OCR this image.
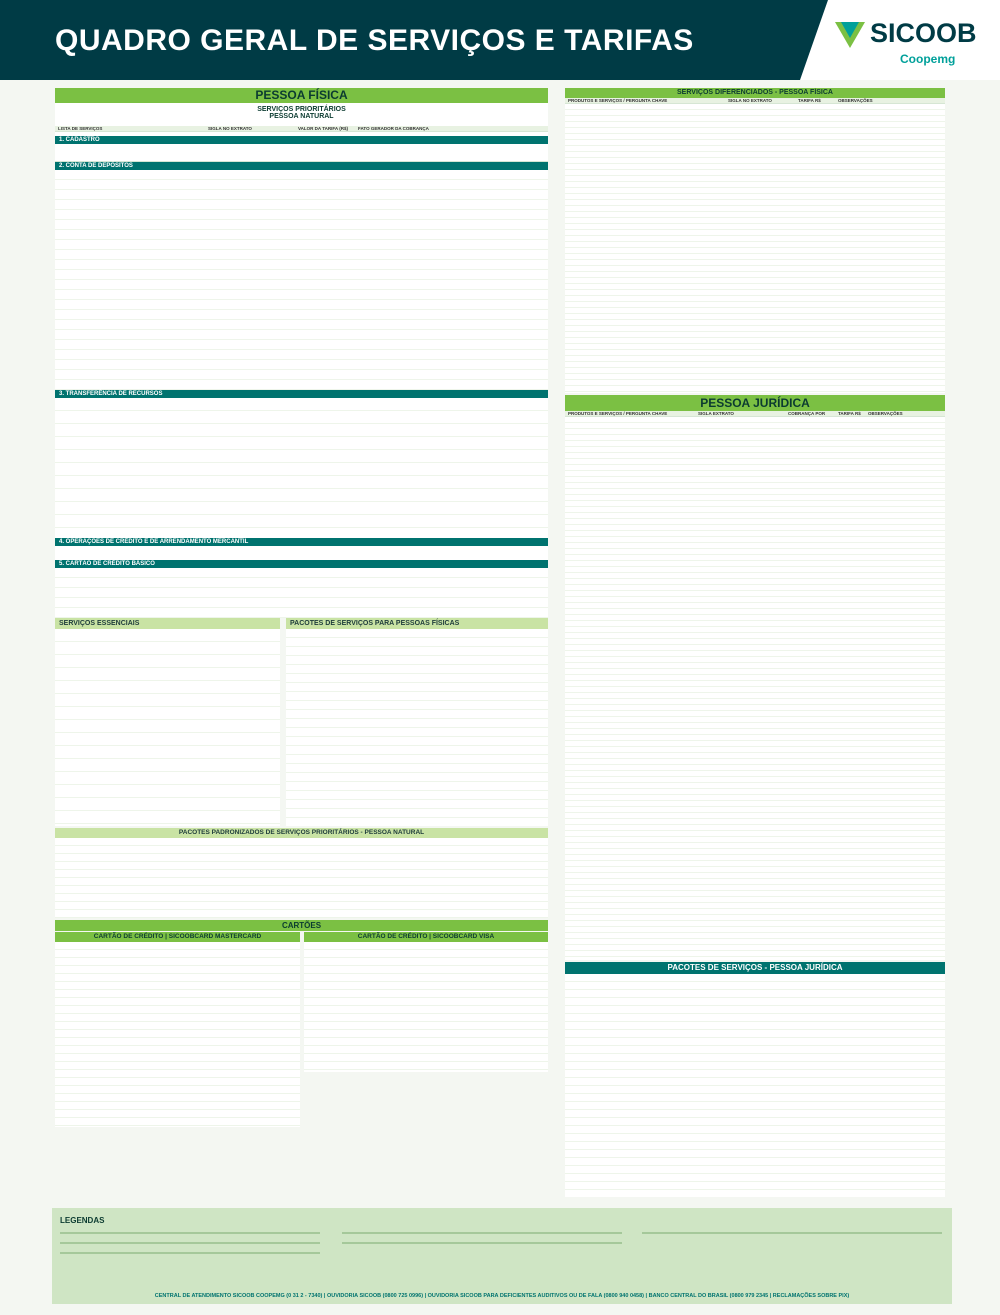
QUADRO GERAL DE SERVIÇOS E TARIFAS	SICOOB
Coopemg
PESSOA FÍSICA
SERVIÇOS PRIORITÁRIOS
PESSOA NATURAL
LISTA DE SERVIÇOS	SIGLA NO EXTRATO	VALOR DA TARIFA (R$)	FATO GERADOR DA COBRANÇA
1. CADASTRO
2. CONTA DE DEPÓSITOS
3. TRANSFERÊNCIA DE RECURSOS
4. OPERAÇÕES DE CRÉDITO E DE ARRENDAMENTO MERCANTIL
5. CARTÃO DE CRÉDITO BÁSICO
SERVIÇOS ESSENCIAIS	PACOTES DE SERVIÇOS PARA PESSOAS FÍSICAS
PACOTES PADRONIZADOS DE SERVIÇOS PRIORITÁRIOS - PESSOA NATURAL
CARTÕES
CARTÃO DE CRÉDITO | SICOOBCARD MASTERCARD	CARTÃO DE CRÉDITO | SICOOBCARD VISA
SERVIÇOS DIFERENCIADOS - PESSOA FÍSICA
PRODUTOS E SERVIÇOS / PERGUNTA CHAVE	SIGLA NO EXTRATO	TARIFA R$	OBSERVAÇÕES
PESSOA JURÍDICA
PRODUTOS E SERVIÇOS / PERGUNTA CHAVE	SIGLA EXTRATO	COBRANÇA POR	TARIFA R$	OBSERVAÇÕES
PACOTES DE SERVIÇOS - PESSOA JURÍDICA
LEGENDAS
CENTRAL DE ATENDIMENTO SICOOB COOPEMG (0 31 2 - 7340) | OUVIDORIA SICOOB (0800 725 0996) | OUVIDORIA SICOOB PARA DEFICIENTES AUDITIVOS OU DE FALA (0800 940 0458) | BANCO CENTRAL DO BRASIL (0800 979 2345 | RECLAMAÇÕES SOBRE PIX)
